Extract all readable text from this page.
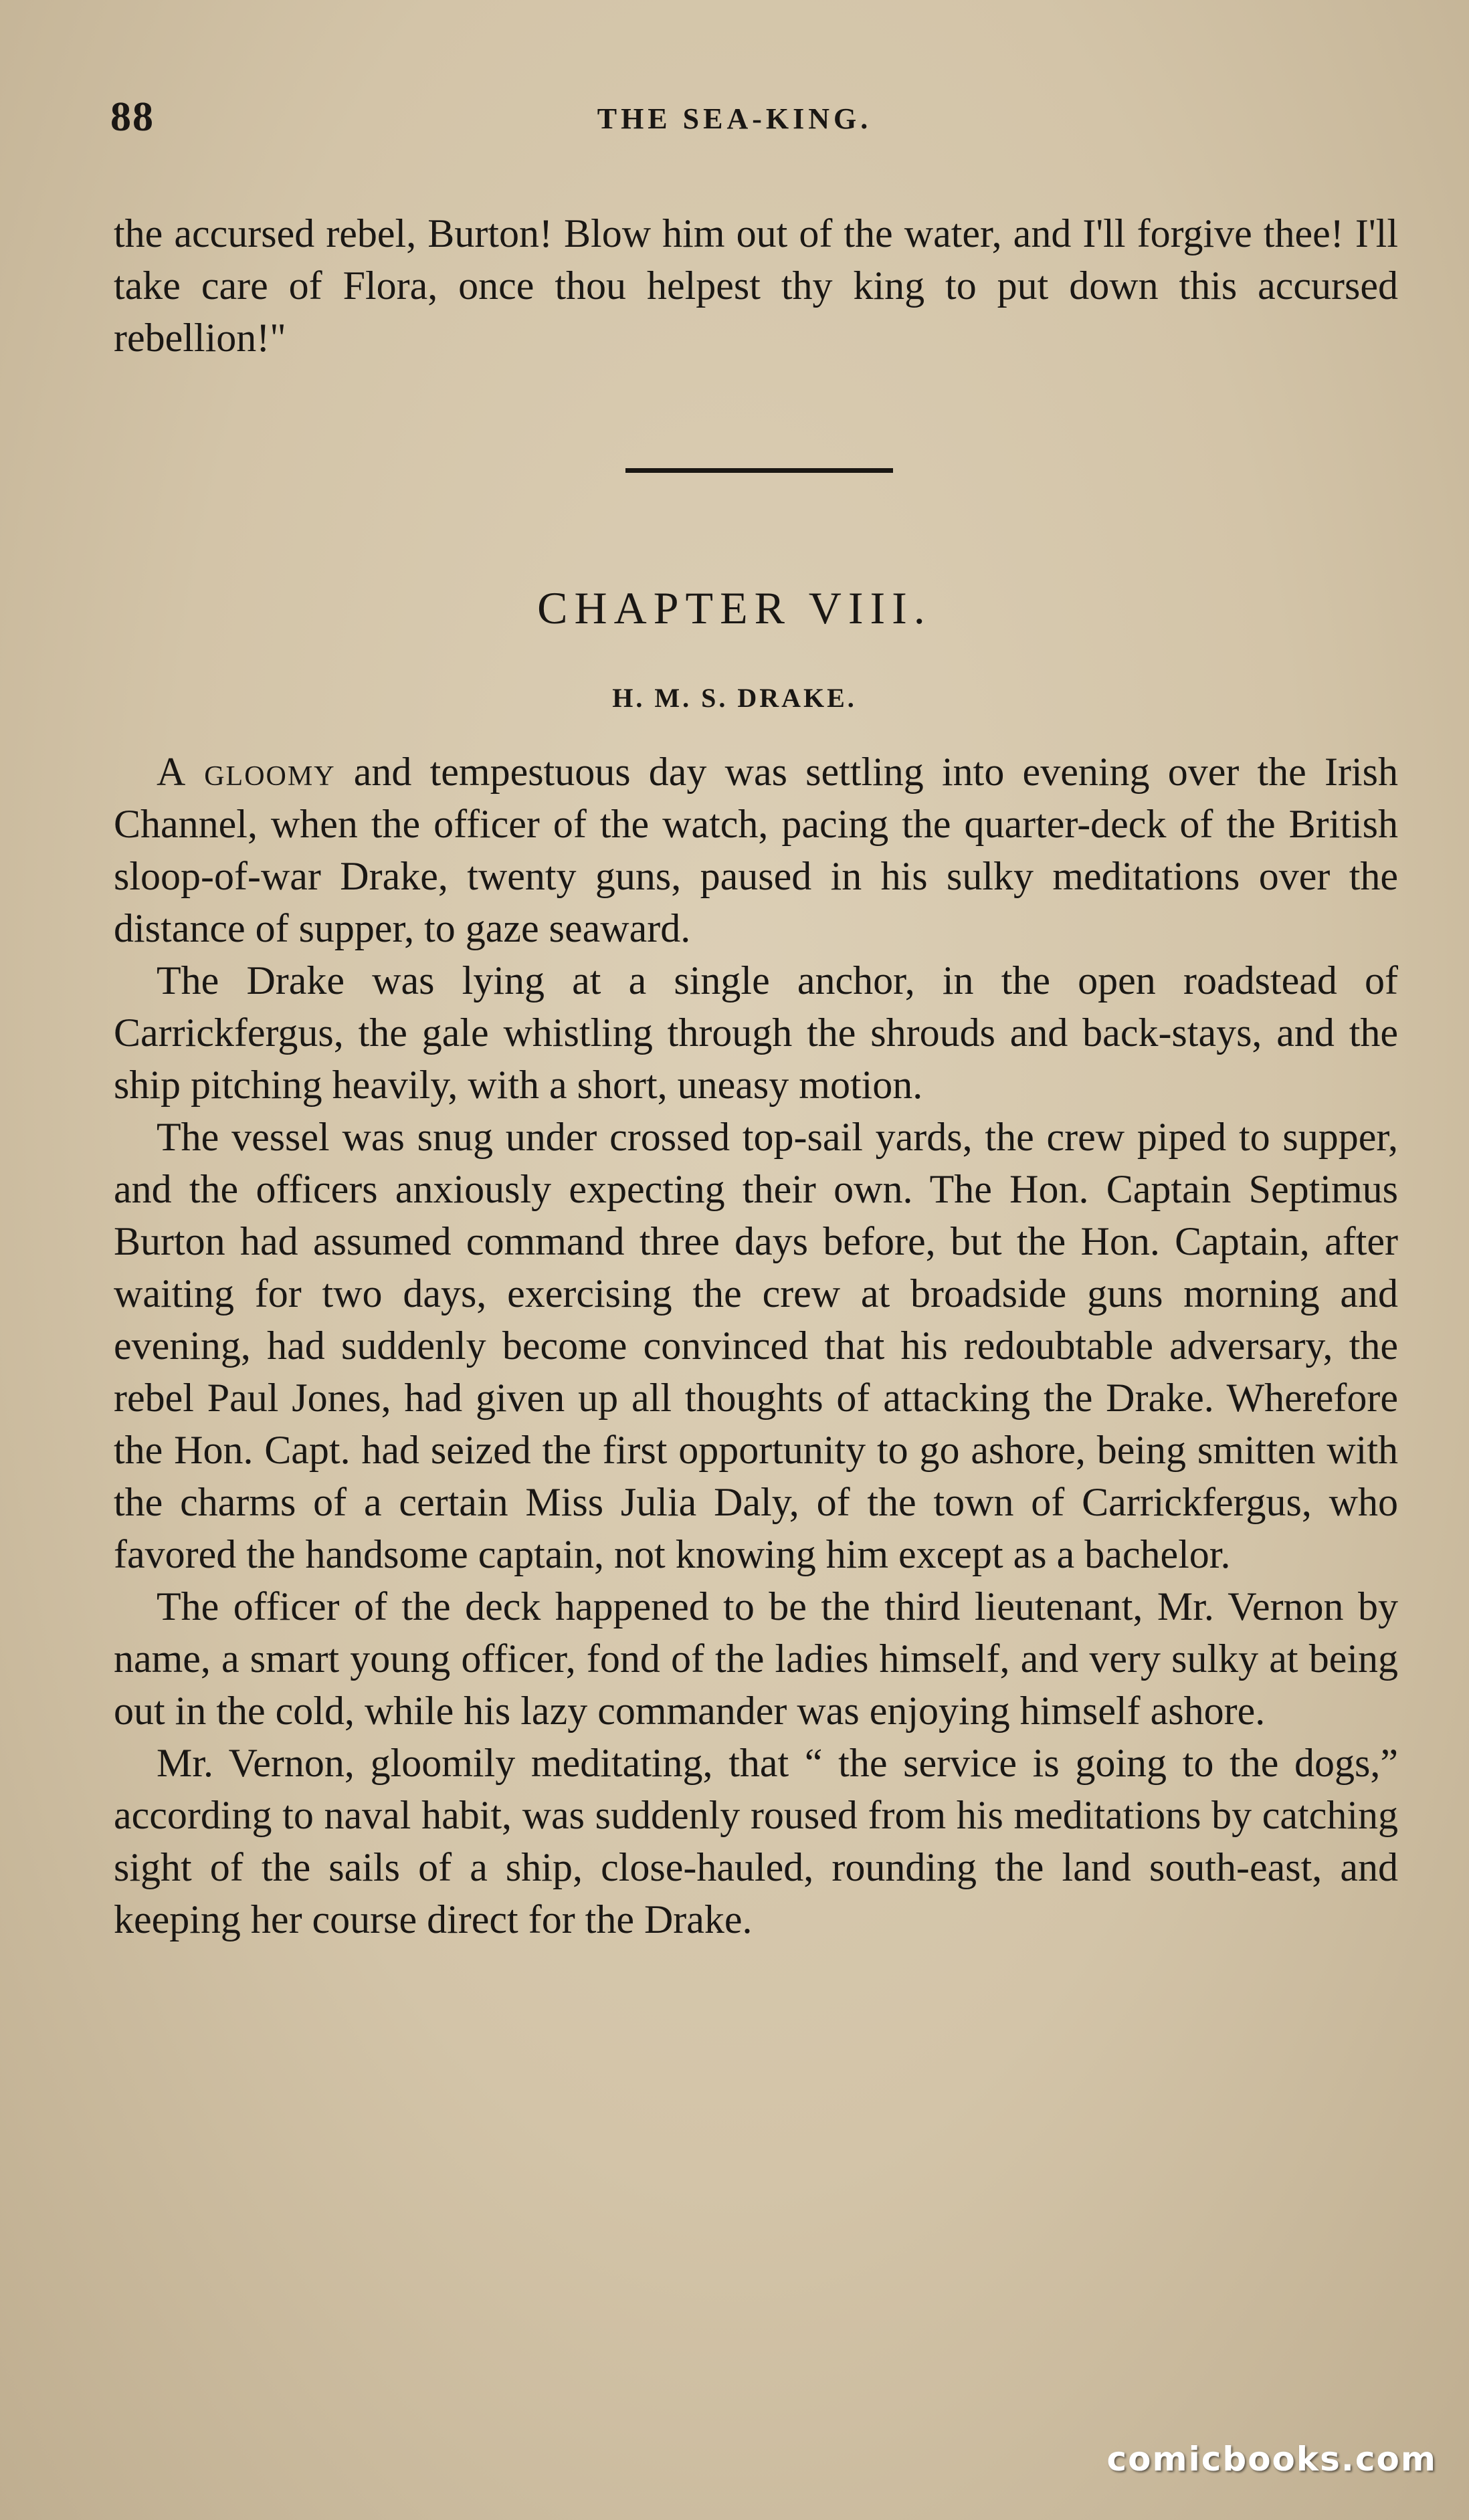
88	THE SEA-KING.

the accursed rebel, Burton! Blow him out of the water, and I'll forgive thee! I'll take care of Flora, once thou helpest thy king to put down this accursed rebellion!"

CHAPTER VIII.
H. M. S. DRAKE.

A gloomy and tempestuous day was settling into evening over the Irish Channel, when the officer of the watch, pacing the quarter-deck of the British sloop-of-war Drake, twenty guns, paused in his sulky meditations over the distance of supper, to gaze seaward.

The Drake was lying at a single anchor, in the open roadstead of Carrickfergus, the gale whistling through the shrouds and back-stays, and the ship pitching heavily, with a short, uneasy motion.

The vessel was snug under crossed top-sail yards, the crew piped to supper, and the officers anxiously expecting their own. The Hon. Captain Septimus Burton had assumed command three days before, but the Hon. Captain, after waiting for two days, exercising the crew at broadside guns morning and evening, had suddenly become convinced that his redoubtable adversary, the rebel Paul Jones, had given up all thoughts of attacking the Drake. Wherefore the Hon. Capt. had seized the first opportunity to go ashore, being smitten with the charms of a certain Miss Julia Daly, of the town of Carrickfergus, who favored the handsome captain, not knowing him except as a bachelor.

The officer of the deck happened to be the third lieutenant, Mr. Vernon by name, a smart young officer, fond of the ladies himself, and very sulky at being out in the cold, while his lazy commander was enjoying himself ashore.

Mr. Vernon, gloomily meditating, that “ the service is going to the dogs,” according to naval habit, was suddenly roused from his meditations by catching sight of the sails of a ship, close-hauled, rounding the land south-east, and keeping her course direct for the Drake.

comicbooks.com
